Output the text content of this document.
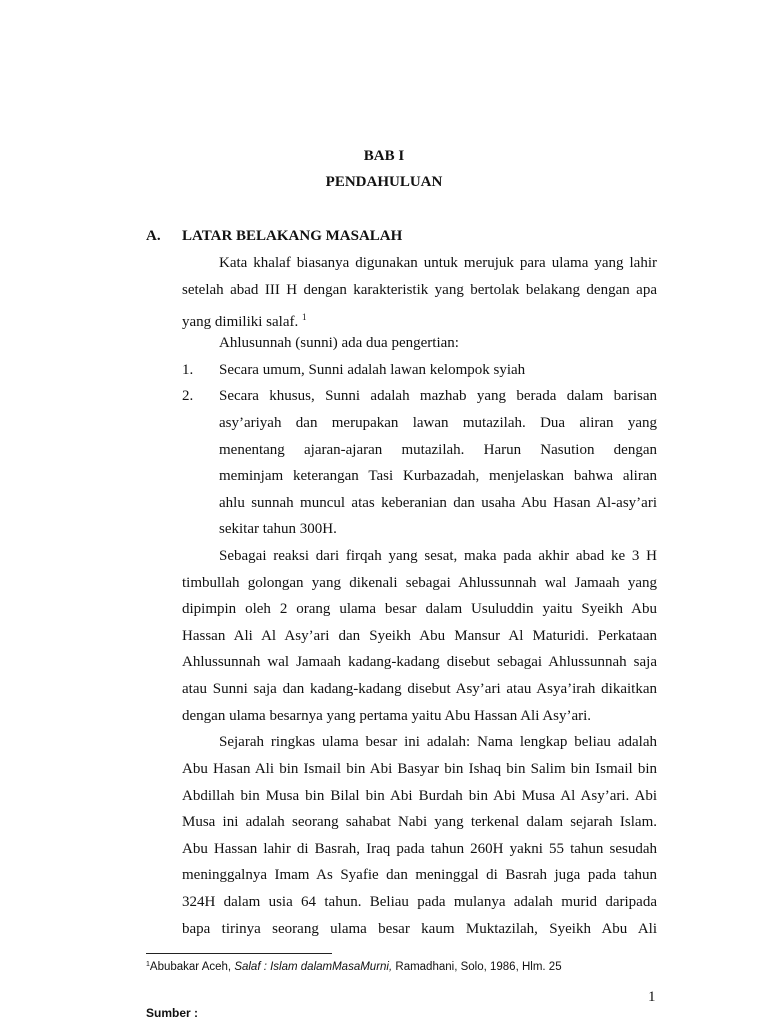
BAB I
PENDAHULUAN
A. LATAR BELAKANG MASALAH
Kata khalaf biasanya digunakan untuk merujuk para ulama yang lahir
setelah abad III H dengan karakteristik yang bertolak belakang dengan apa
yang dimiliki salaf. $^1$
Ahlusunnah (sunni) ada dua pengertian:
1. Secara umum, Sunni adalah lawan kelompok syiah
2. Secara khusus, Sunni adalah mazhab yang berada dalam barisan
asy’ariyah dan merupakan lawan mutazilah. Dua aliran yang
menentang ajaran-ajaran mutazilah. Harun Nasution dengan
meminjam keterangan Tasi Kurbazadah, menjelaskan bahwa aliran
ahlu sunnah muncul atas keberanian dan usaha Abu Hasan Al-asy’ari
sekitar tahun 300H.
Sebagai reaksi dari firqah yang sesat, maka pada akhir abad ke 3 H
timbullah golongan yang dikenali sebagai Ahlussunnah wal Jamaah yang
dipimpin oleh 2 orang ulama besar dalam Usuluddin yaitu Syeikh Abu
Hassan Ali Al Asy’ari dan Syeikh Abu Mansur Al Maturidi. Perkataan
Ahlussunnah wal Jamaah kadang-kadang disebut sebagai Ahlussunnah saja
atau Sunni saja dan kadang-kadang disebut Asy’ari atau Asya’irah dikaitkan
dengan ulama besarnya yang pertama yaitu Abu Hassan Ali Asy’ari.
Sejarah ringkas ulama besar ini adalah: Nama lengkap beliau adalah
Abu Hasan Ali bin Ismail bin Abi Basyar bin Ishaq bin Salim bin Ismail bin
Abdillah bin Musa bin Bilal bin Abi Burdah bin Abi Musa Al Asy’ari. Abi
Musa ini adalah seorang sahabat Nabi yang terkenal dalam sejarah Islam.
Abu Hassan lahir di Basrah, Iraq pada tahun 260H yakni 55 tahun sesudah
meninggalnya Imam As Syafie dan meninggal di Basrah juga pada tahun
324H dalam usia 64 tahun. Beliau pada mulanya adalah murid daripada
bapa tirinya seorang ulama besar kaum Muktazilah, Syeikh Abu Ali
$^1$Abubakar Aceh, Salaf : Islam dalamMasaMurni, Ramadhani, Solo, 1986, Hlm. 25
1
Sumber :
